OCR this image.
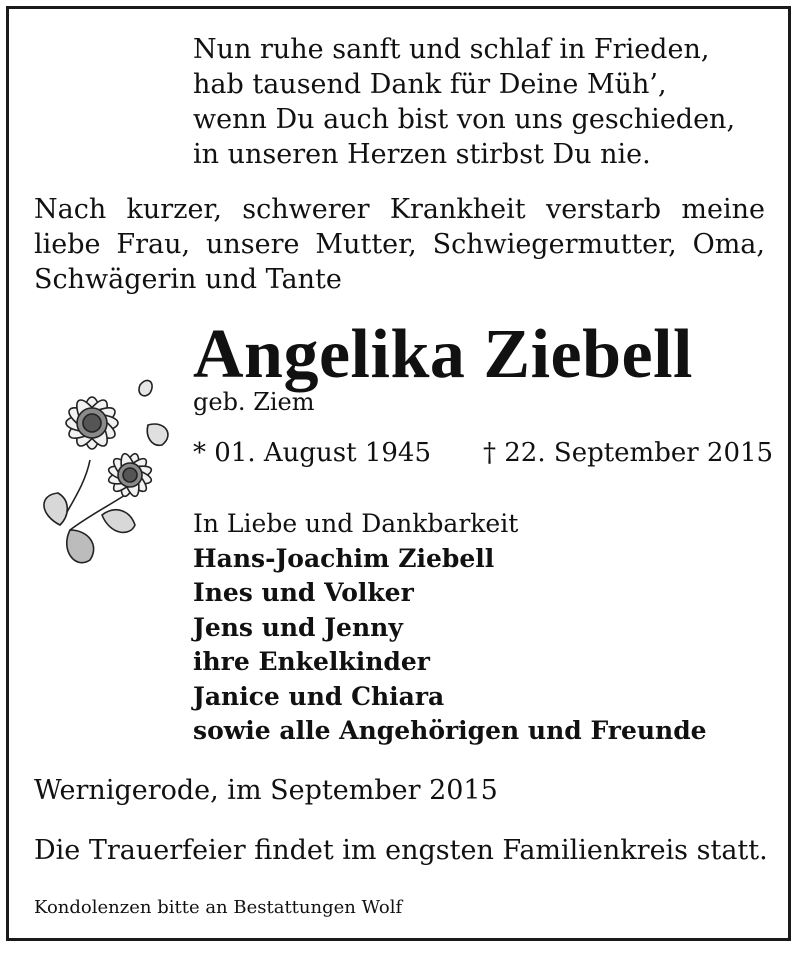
Nun ruhe sanft und schlaf in Frieden,
hab tausend Dank für Deine Müh’,
wenn Du auch bist von uns geschieden,
in unseren Herzen stirbst Du nie.
Nach kurzer, schwerer Krankheit verstarb meine
liebe Frau, unsere Mutter, Schwiegermutter, Oma,
Schwägerin und Tante
Angelika Ziebell
geb. Ziem
* 01. August 1945 † 22. September 2015
In Liebe und Dankbarkeit
Hans-Joachim Ziebell
Ines und Volker
Jens und Jenny
ihre Enkelkinder
Janice und Chiara
sowie alle Angehörigen und Freunde
Wernigerode, im September 2015
Die Trauerfeier findet im engsten Familienkreis statt.
Kondolenzen bitte an Bestattungen Wolf
